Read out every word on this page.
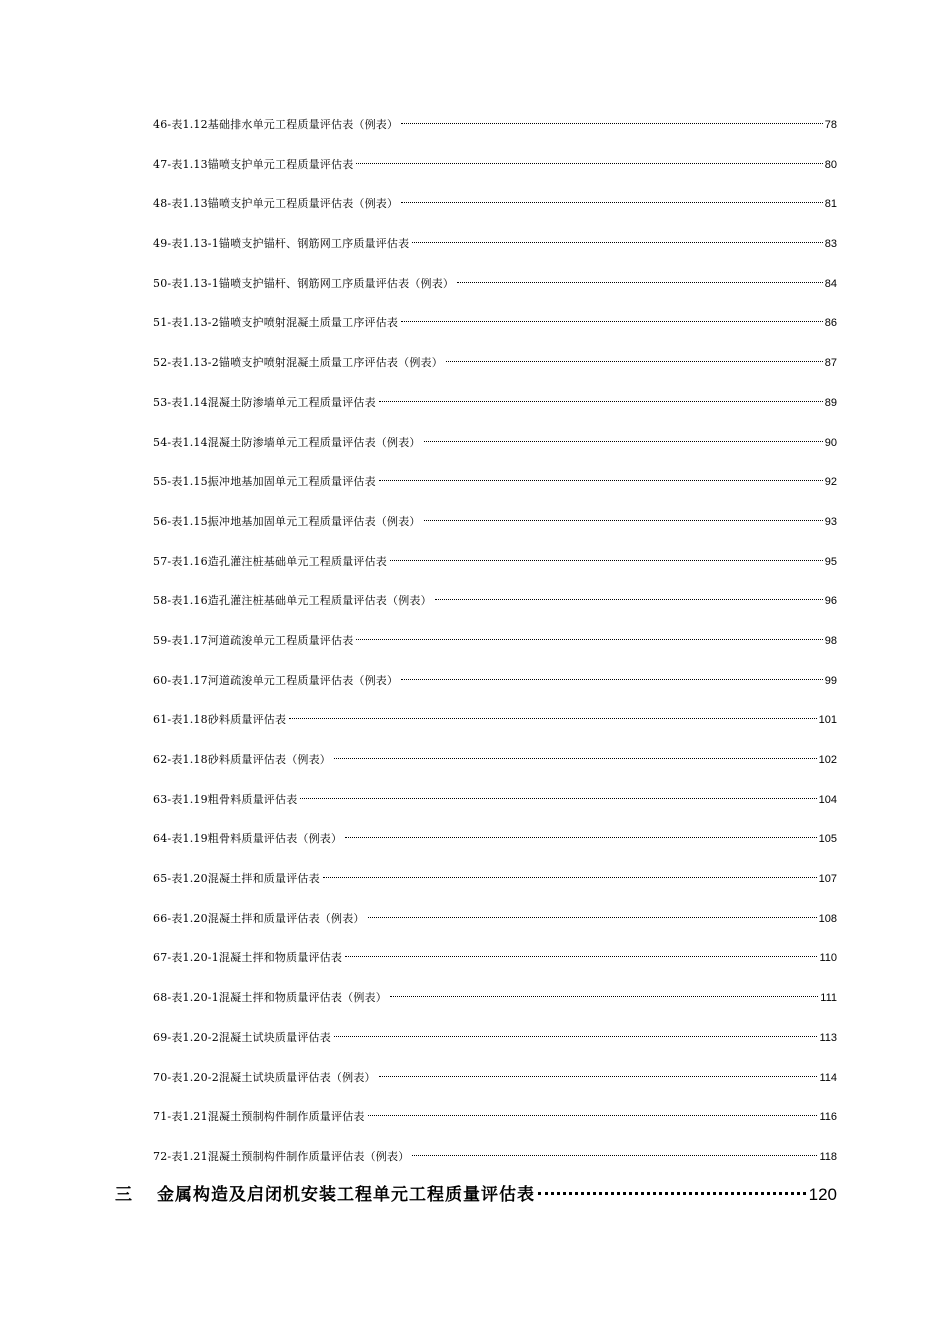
46-表1.12基础排水单元工程质量评估表（例表）	78
47-表1.13锚喷支护单元工程质量评估表	80
48-表1.13锚喷支护单元工程质量评估表（例表）	81
49-表1.13-1锚喷支护锚杆、钢筋网工序质量评估表	83
50-表1.13-1锚喷支护锚杆、钢筋网工序质量评估表（例表）	84
51-表1.13-2锚喷支护喷射混凝土质量工序评估表	86
52-表1.13-2锚喷支护喷射混凝土质量工序评估表（例表）	87
53-表1.14混凝土防渗墙单元工程质量评估表	89
54-表1.14混凝土防渗墙单元工程质量评估表（例表）	90
55-表1.15振冲地基加固单元工程质量评估表	92
56-表1.15振冲地基加固单元工程质量评估表（例表）	93
57-表1.16造孔灌注桩基础单元工程质量评估表	95
58-表1.16造孔灌注桩基础单元工程质量评估表（例表）	96
59-表1.17河道疏浚单元工程质量评估表	98
60-表1.17河道疏浚单元工程质量评估表（例表）	99
61-表1.18砂料质量评估表	101
62-表1.18砂料质量评估表（例表）	102
63-表1.19粗骨料质量评估表	104
64-表1.19粗骨料质量评估表（例表）	105
65-表1.20混凝土拌和质量评估表	107
66-表1.20混凝土拌和质量评估表（例表）	108
67-表1.20-1混凝土拌和物质量评估表	110
68-表1.20-1混凝土拌和物质量评估表（例表）	111
69-表1.20-2混凝土试块质量评估表	113
70-表1.20-2混凝土试块质量评估表（例表）	114
71-表1.21混凝土预制构件制作质量评估表	116
72-表1.21混凝土预制构件制作质量评估表（例表）	118
三	金属构造及启闭机安装工程单元工程质量评估表	120
